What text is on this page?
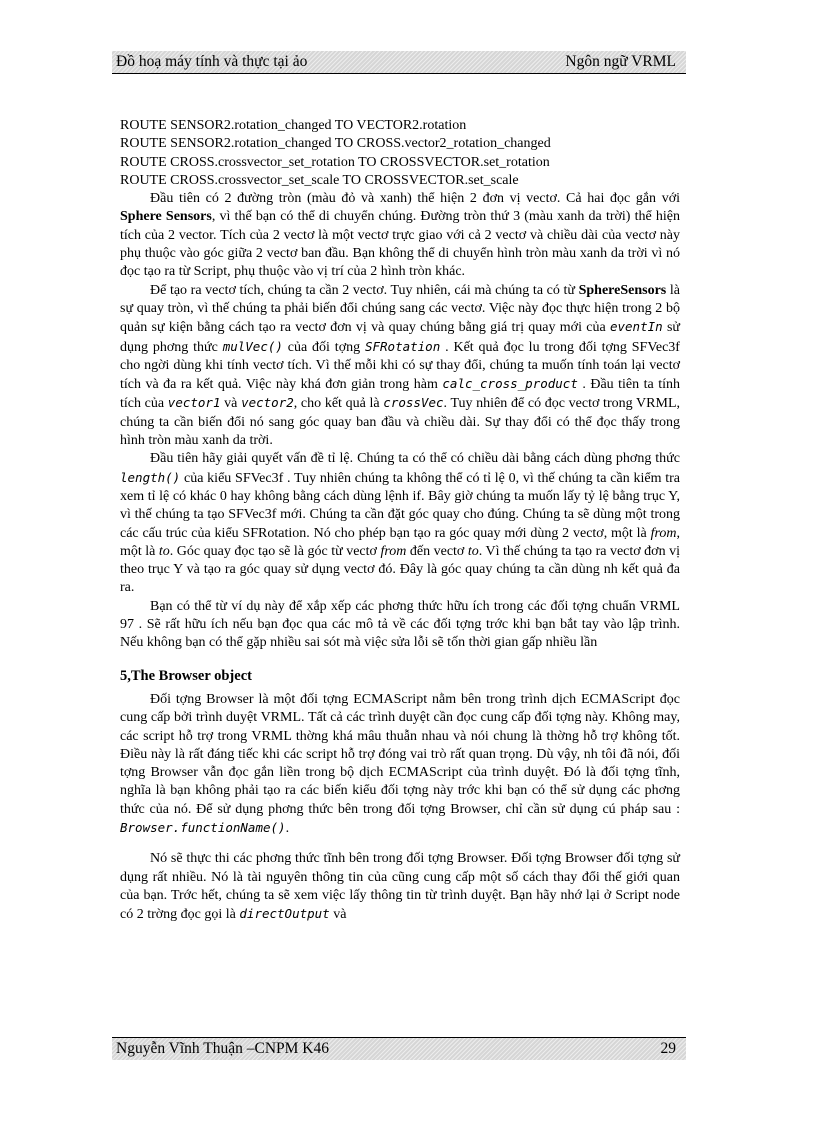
Đồ hoạ máy tính và thực tại ảo	Ngôn ngữ VRML

ROUTE SENSOR2.rotation_changed TO VECTOR2.rotation

ROUTE SENSOR2.rotation_changed TO CROSS.vector2_rotation_changed

ROUTE CROSS.crossvector_set_rotation TO CROSSVECTOR.set_rotation

ROUTE CROSS.crossvector_set_scale TO CROSSVECTOR.set_scale

Đầu tiên có 2 đường tròn (màu đỏ và xanh) thể hiện 2 đơn vị vectơ. Cả hai đọc gắn với Sphere Sensors, vì thế bạn có thể di chuyển chúng. Đường tròn thứ 3 (màu xanh da trời) thể hiện tích của 2 vector. Tích của 2 vectơ là một vectơ trực giao với cả 2 vectơ và chiều dài của vectơ này phụ thuộc vào góc giữa 2 vectơ ban đầu. Bạn không thể di chuyển hình tròn màu xanh da trời vì nó đọc tạo ra từ Script, phụ thuộc vào vị trí của 2 hình tròn khác.

Để tạo ra vectơ tích, chúng ta cần 2 vectơ. Tuy nhiên, cái mà chúng ta có từ SphereSensors là sự quay tròn, vì thế chúng ta phải biến đổi chúng sang các vectơ. Việc này đọc thực hiện trong 2 bộ quản sự kiện bằng cách tạo ra vectơ đơn vị và quay chúng bằng giá trị quay mới của eventIn sử dụng phơng thức mulVec() của đối tợng SFRotation . Kết quả đọc lu trong đối tợng SFVec3f cho ngời dùng khi tính vectơ tích. Vì thế mỗi khi có sự thay đổi, chúng ta muốn tính toán lại vectơ tích và đa ra kết quả. Việc này khá đơn giản trong hàm calc_cross_product . Đầu tiên ta tính tích của vector1 và vector2, cho kết quả là crossVec. Tuy nhiên để có đọc vectơ trong VRML, chúng ta cần biến đổi nó sang góc quay ban đầu và chiều dài. Sự thay đổi có thể đọc thấy trong hình tròn màu xanh da trời.

Đầu tiên hãy giải quyết vấn đề tỉ lệ. Chúng ta có thể có chiều dài bằng cách dùng phơng thức length() của kiểu SFVec3f . Tuy nhiên chúng ta không thể có tỉ lệ 0, vì thế chúng ta cần kiểm tra xem tỉ lệ có khác 0 hay không bằng cách dùng lệnh if. Bây giờ chúng ta muốn lấy tỷ lệ bằng trục Y, vì thế chúng ta tạo SFVec3f mới. Chúng ta cần đặt góc quay cho đúng. Chúng ta sẽ dùng một trong các cấu trúc của kiểu SFRotation. Nó cho phép bạn tạo ra góc quay mới dùng 2 vectơ, một là from, một là to. Góc quay đọc tạo sẽ là góc từ vectơ from đến vectơ to. Vì thế chúng ta tạo ra vectơ đơn vị theo trục Y và tạo ra góc quay sử dụng vectơ đó. Đây là góc quay chúng ta cần dùng nh kết quả đa ra.

Bạn có thể từ ví dụ này để xắp xếp các phơng thức hữu ích trong các đối tợng chuẩn VRML 97 . Sẽ rất hữu ích nếu bạn đọc qua các mô tả về các đối tợng trớc khi bạn bắt tay vào lập trình. Nếu không bạn có thể gặp nhiều sai sót mà việc sửa lỗi sẽ tốn thời gian gấp nhiều lần

5,The Browser object

Đối tợng Browser là một đối tợng ECMAScript nằm bên trong trình dịch ECMAScript đọc cung cấp bởi trình duyệt VRML. Tất cả các trình duyệt cần đọc cung cấp đối tợng này. Không may, các script hỗ trợ trong VRML thờng khá mâu thuẫn nhau và nói chung là thờng hỗ trợ không tốt. Điều này là rất đáng tiếc khi các script hỗ trợ đóng vai trò rất quan trọng. Dù vậy, nh tôi đã nói, đối tợng Browser vẫn đọc gắn liền trong bộ dịch ECMAScript của trình duyệt. Đó là đối tợng tĩnh, nghĩa là bạn không phải tạo ra các biến kiểu đối tợng này trớc khi bạn có thể sử dụng các phơng thức của nó. Để sử dụng phơng thức bên trong đối tợng Browser, chỉ cần sử dụng cú pháp sau : Browser.functionName().

Nó sẽ thực thi các phơng thức tĩnh bên trong đối tợng Browser. Đối tợng Browser đối tợng sử dụng rất nhiều. Nó là tài nguyên thông tin của cũng cung cấp một số cách thay đổi thế giới quan của bạn. Trớc hết, chúng ta sẽ xem việc lấy thông tin từ trình duyệt. Bạn hãy nhớ lại ở Script node có 2 trờng đọc gọi là directOutput và

Nguyễn Vĩnh Thuận –CNPM K46	29
